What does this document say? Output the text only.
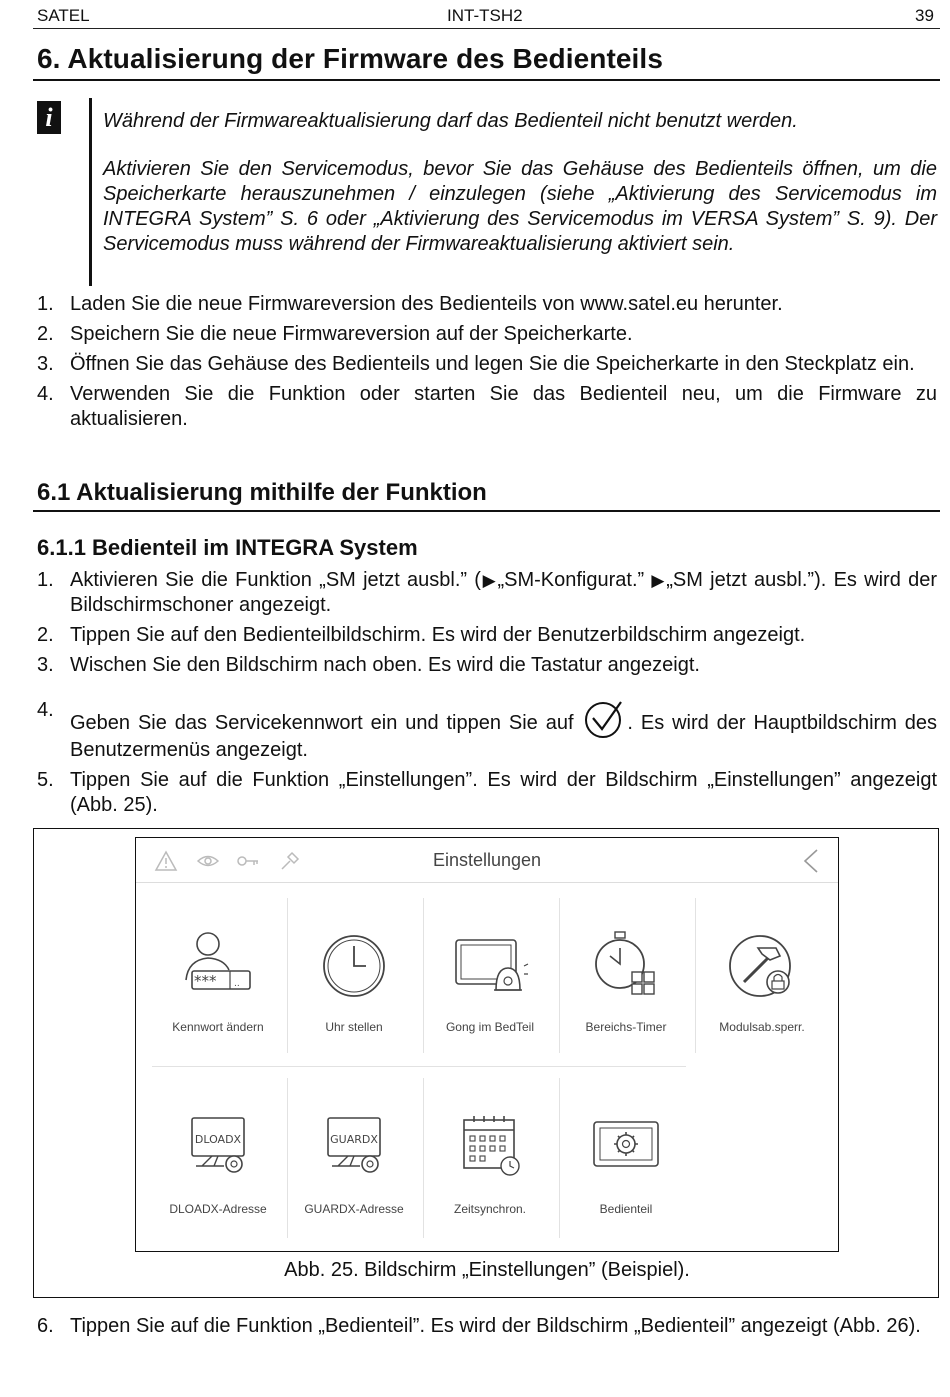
SATEL	INT-TSH2	39
6. Aktualisierung der Firmware des Bedienteils
i	Während der Firmwareaktualisierung darf das Bedienteil nicht benutzt werden.

Aktivieren Sie den Servicemodus, bevor Sie das Gehäuse des Bedienteils öffnen, um die Speicherkarte herauszunehmen / einzulegen (siehe „Aktivierung des Servicemodus im INTEGRA System” S. 6 oder „Aktivierung des Servicemodus im VERSA System” S. 9). Der Servicemodus muss während der Firmwareaktualisierung aktiviert sein.

1. Laden Sie die neue Firmwareversion des Bedienteils von www.satel.eu herunter.
2. Speichern Sie die neue Firmwareversion auf der Speicherkarte.
3. Öffnen Sie das Gehäuse des Bedienteils und legen Sie die Speicherkarte in den Steckplatz ein.
4. Verwenden Sie die Funktion oder starten Sie das Bedienteil neu, um die Firmware zu aktualisieren.
6.1 Aktualisierung mithilfe der Funktion
6.1.1 Bedienteil im INTEGRA System
1. Aktivieren Sie die Funktion „SM jetzt ausbl.” (▶„SM-Konfigurat.” ▶„SM jetzt ausbl.”). Es wird der Bildschirmschoner angezeigt.
2. Tippen Sie auf den Bedienteilbildschirm. Es wird der Benutzerbildschirm angezeigt.
3. Wischen Sie den Bildschirm nach oben. Es wird die Tastatur angezeigt.
4.
Geben Sie das Servicekennwort ein und tippen Sie auf . Es wird der Hauptbildschirm des Benutzermenüs angezeigt.
5. Tippen Sie auf die Funktion „Einstellungen”. Es wird der Bildschirm „Einstellungen” angezeigt (Abb. 25).
Einstellungen
*** ..
Kennwort ändern	Uhr stellen	Gong im BedTeil	Bereichs-Timer	Modulsab.sperr.
DLOADX
DLOADX-Adresse
GUARDX
GUARDX-Adresse	Zeitsynchron.	Bedienteil
Abb. 25. Bildschirm „Einstellungen” (Beispiel).
6. Tippen Sie auf die Funktion „Bedienteil”. Es wird der Bildschirm „Bedienteil” angezeigt (Abb. 26).
